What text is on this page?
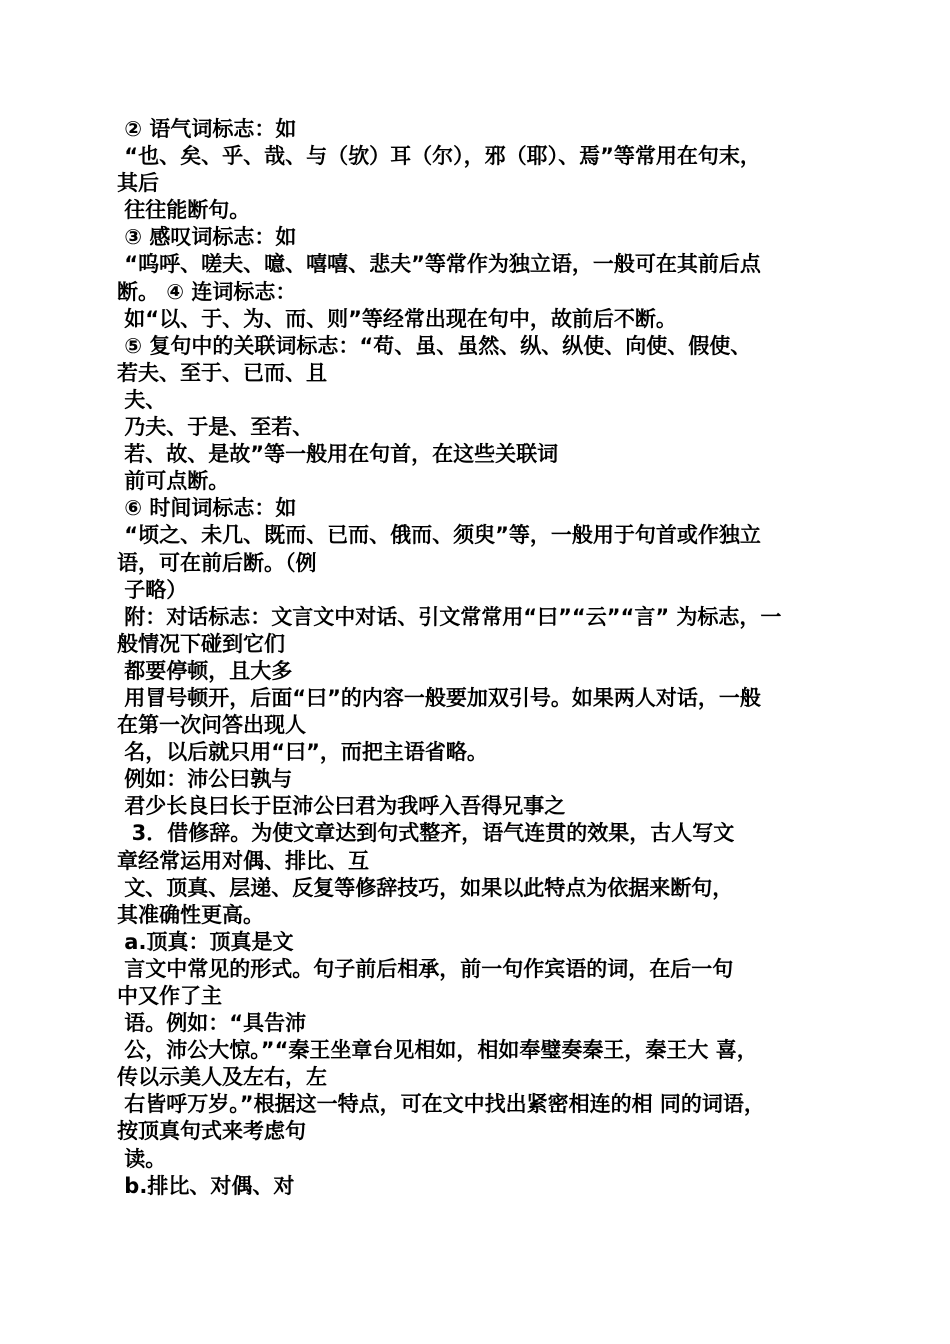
② 语气词标志：如
“也、矣、乎、哉、与（欤）耳（尔），邪（耶）、焉”等常用在句末，
其后
往往能断句。
③ 感叹词标志：如
“呜呼、嗟夫、噫、嘻嘻、悲夫”等常作为独立语，一般可在其前后点
断。 ④ 连词标志：
如“以、于、为、而、则”等经常出现在句中，故前后不断。
⑤ 复句中的关联词标志：“苟、虽、虽然、纵、纵使、向使、假使、
若夫、至于、已而、且
夫、
乃夫、于是、至若、
若、故、是故”等一般用在句首，在这些关联词
前可点断。
⑥ 时间词标志：如
“顷之、未几、既而、已而、俄而、须臾”等，一般用于句首或作独立
语，可在前后断。（例
子略）
附：对话标志：文言文中对话、引文常常用“曰”“云”“言” 为标志，一
般情况下碰到它们
都要停顿，且大多
用冒号顿开，后面“曰”的内容一般要加双引号。如果两人对话，一般
在第一次问答出现人
名，以后就只用“曰”，而把主语省略。
例如：沛公曰孰与
君少长良曰长于臣沛公曰君为我呼入吾得兄事之
3．借修辞。为使文章达到句式整齐，语气连贯的效果，古人写文
章经常运用对偶、排比、互
文、顶真、层递、反复等修辞技巧，如果以此特点为依据来断句，
其准确性更高。
a.顶真：顶真是文
言文中常见的形式。句子前后相承，前一句作宾语的词，在后一句
中又作了主
语。例如：“具告沛
公，沛公大惊。”“秦王坐章台见相如，相如奉璧奏秦王，秦王大 喜，
传以示美人及左右，左
右皆呼万岁。”根据这一特点，可在文中找出紧密相连的相 同的词语，
按顶真句式来考虑句
读。
b.排比、对偶、对
